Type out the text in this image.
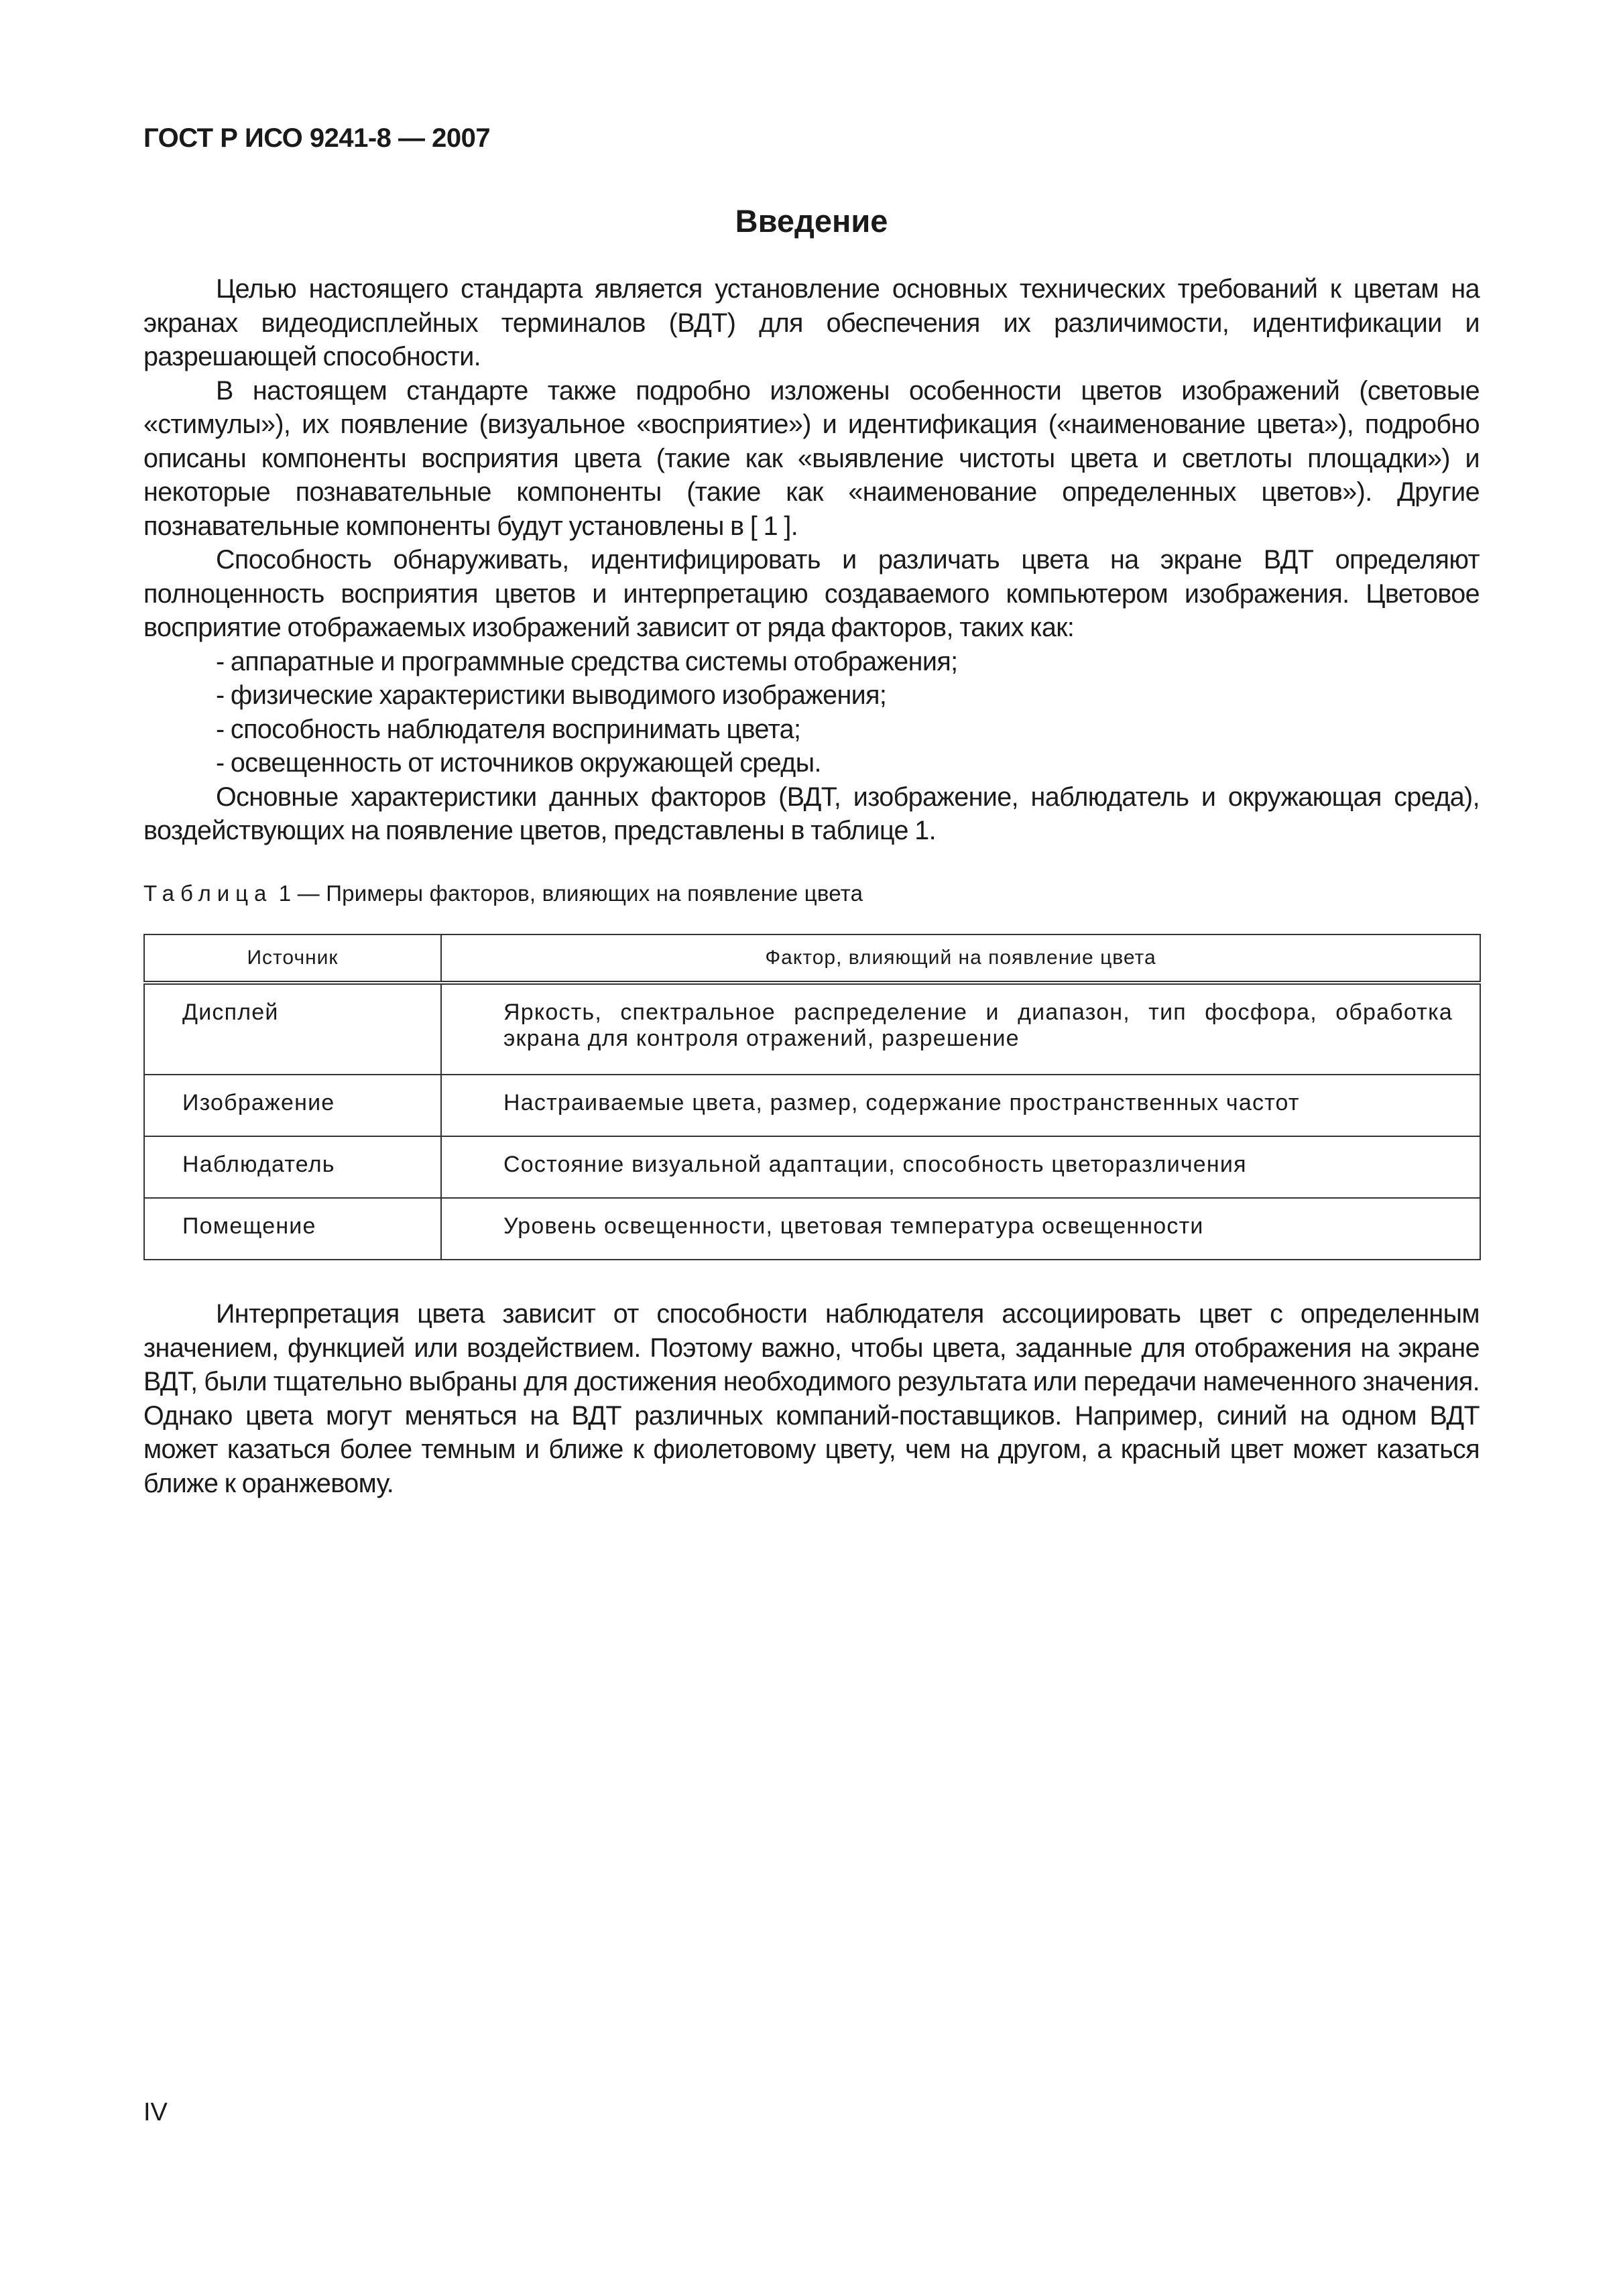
ГОСТ Р ИСО 9241-8 — 2007
Введение

Целью настоящего стандарта является установление основных технических требований к цветам на экранах видеодисплейных терминалов (ВДТ) для обеспечения их различимости, идентификации и разрешающей способности.

В настоящем стандарте также подробно изложены особенности цветов изображений (световые «стимулы»), их появление (визуальное «восприятие») и идентификация («наименование цвета»), подробно описаны компоненты восприятия цвета (такие как «выявление чистоты цвета и светлоты площадки») и некоторые познавательные компоненты (такие как «наименование определенных цветов»). Другие познавательные компоненты будут установлены в [ 1 ].

Способность обнаруживать, идентифицировать и различать цвета на экране ВДТ определяют полноценность восприятия цветов и интерпретацию создаваемого компьютером изображения. Цветовое восприятие отображаемых изображений зависит от ряда факторов, таких как:

- аппаратные и программные средства системы отображения;

- физические характеристики выводимого изображения;

- способность наблюдателя воспринимать цвета;

- освещенность от источников окружающей среды.

Основные характеристики данных факторов (ВДТ, изображение, наблюдатель и окружающая среда), воздействующих на появление цветов, представлены в таблице 1.

Таблица 1 — Примеры факторов, влияющих на появление цвета
Источник	Фактор, влияющий на появление цвета
Дисплей	Яркость, спектральное распределение и диапазон, тип фосфора, обработка экрана для контроля отражений, разрешение
Изображение	Настраиваемые цвета, размер, содержание пространственных частот
Наблюдатель	Состояние визуальной адаптации, способность цветоразличения
Помещение	Уровень освещенности, цветовая температура освещенности

Интерпретация цвета зависит от способности наблюдателя ассоциировать цвет с определенным значением, функцией или воздействием. Поэтому важно, чтобы цвета, заданные для отображения на экране ВДТ, были тщательно выбраны для достижения необходимого результата или передачи намеченного значения. Однако цвета могут меняться на ВДТ различных компаний-поставщиков. Например, синий на одном ВДТ может казаться более темным и ближе к фиолетовому цвету, чем на другом, а красный цвет может казаться ближе к оранжевому.

IV
